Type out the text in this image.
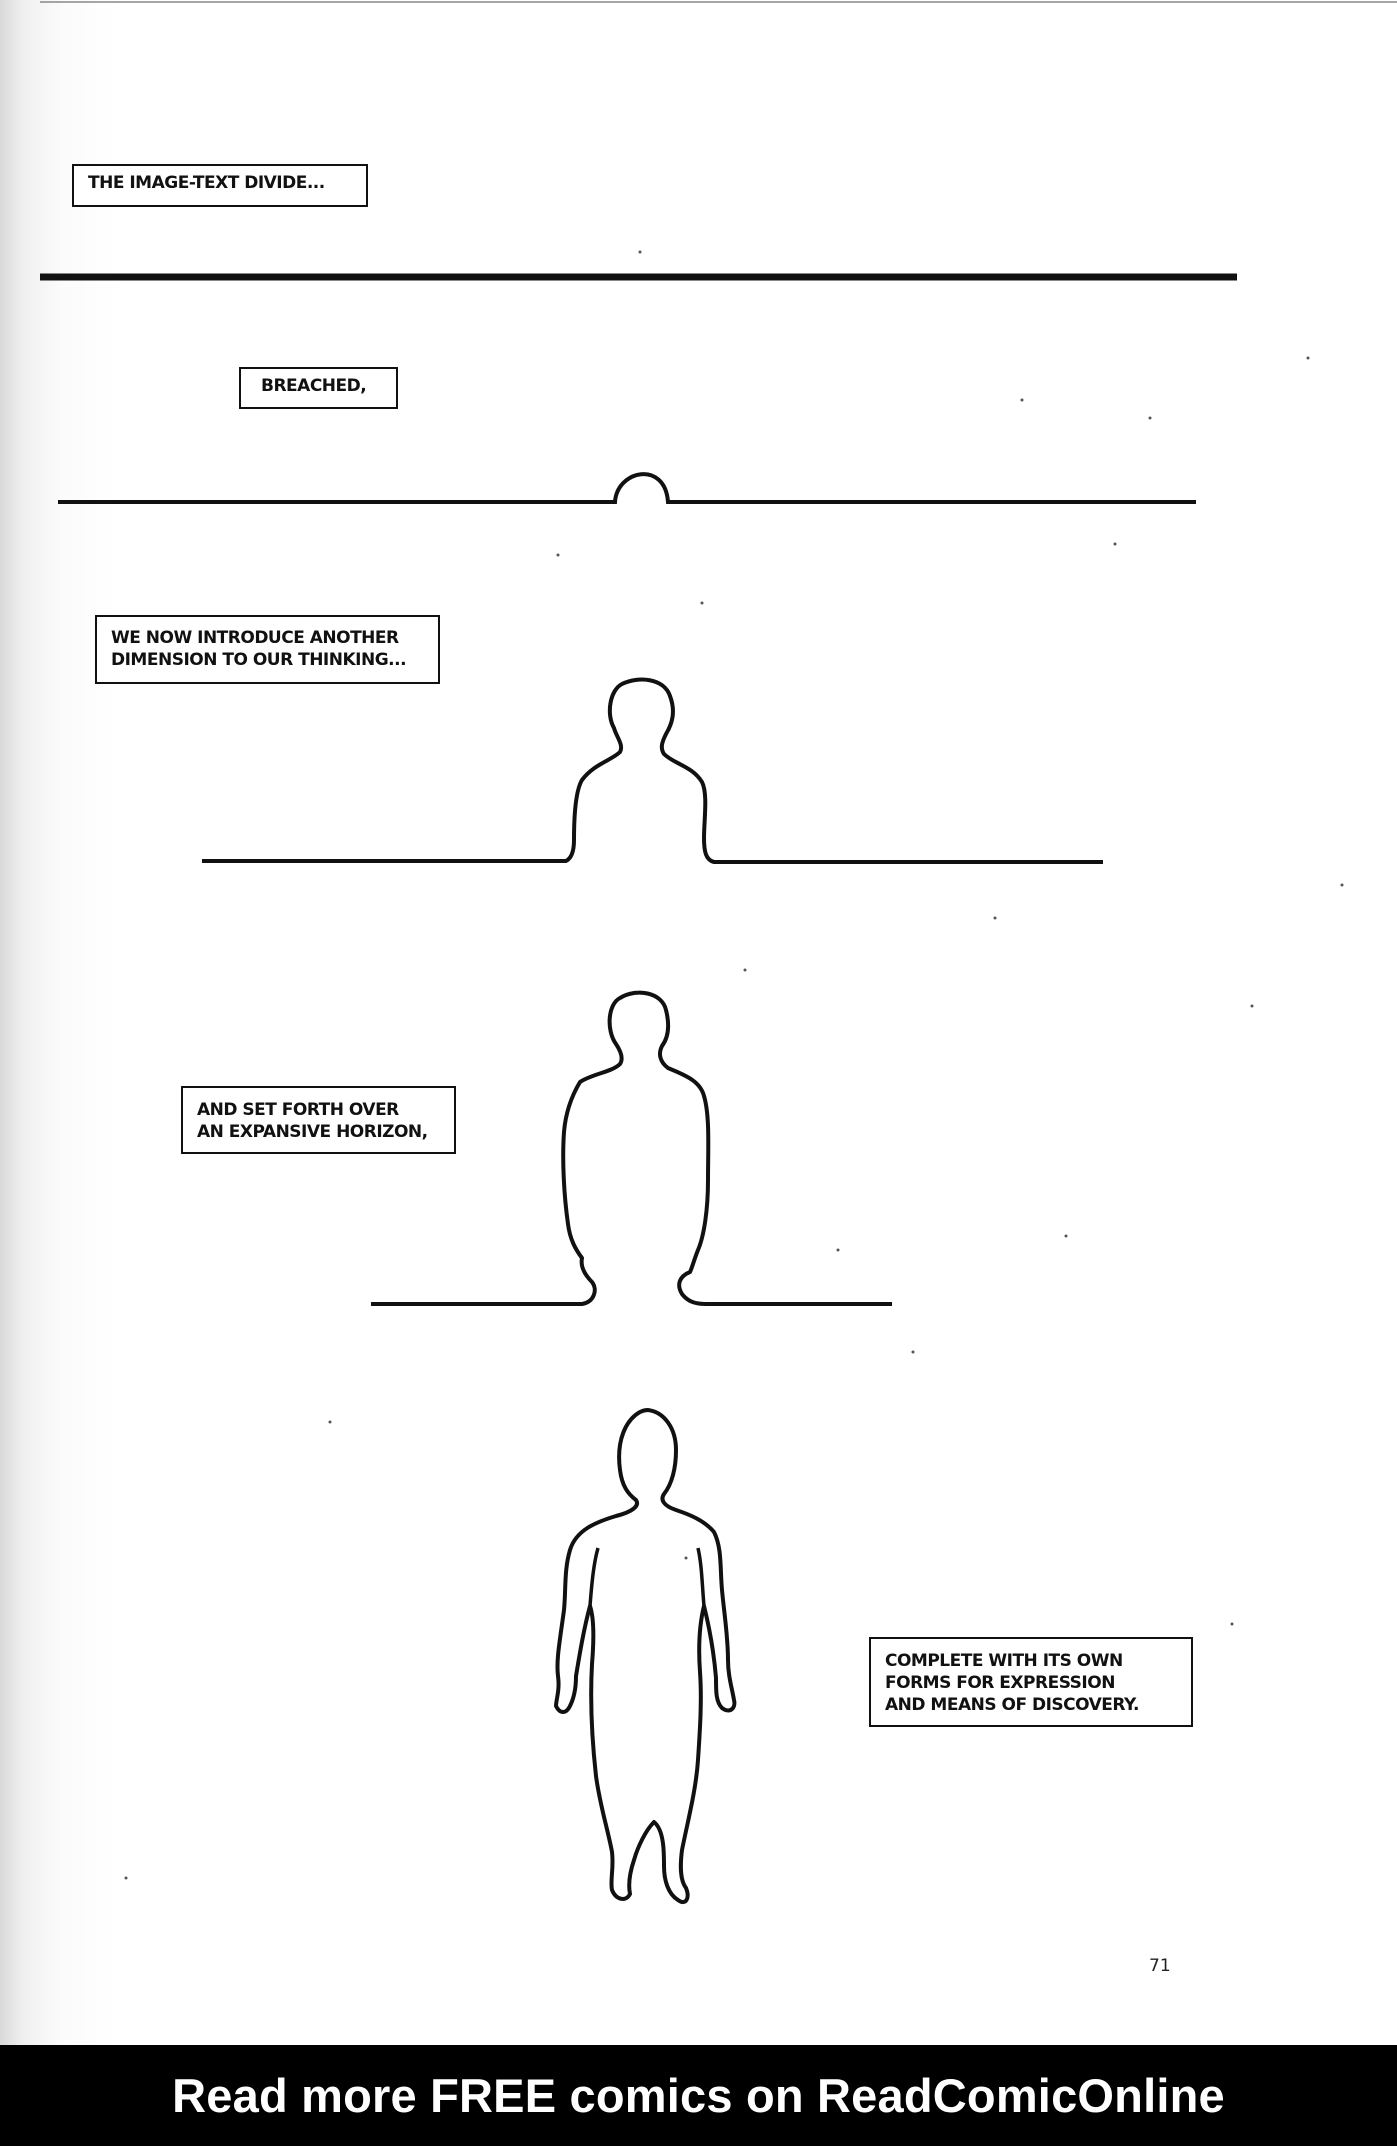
THE IMAGE-TEXT DIVIDE...
BREACHED,
WE NOW INTRODUCE ANOTHER
DIMENSION TO OUR THINKING...
AND SET FORTH OVER
AN EXPANSIVE HORIZON,
COMPLETE WITH ITS OWN
FORMS FOR EXPRESSION
AND MEANS OF DISCOVERY.
71
Read more FREE comics on ReadComicOnline
